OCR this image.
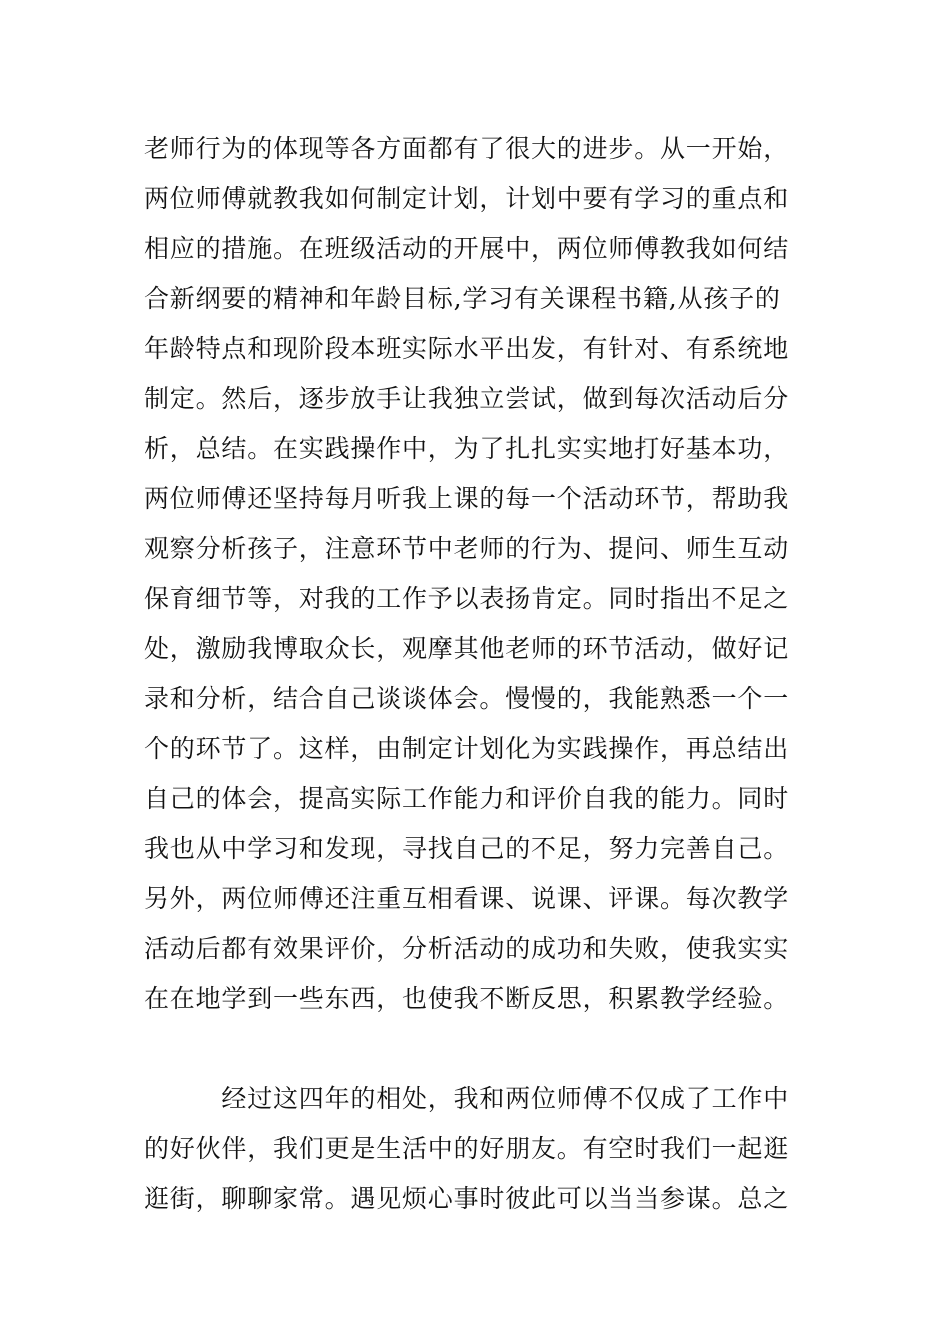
老师行为的体现等各方面都有了很大的进步。从一开始，
两位师傅就教我如何制定计划，计划中要有学习的重点和
相应的措施。在班级活动的开展中，两位师傅教我如何结
合新纲要的精神和年龄目标,学习有关课程书籍,从孩子的
年龄特点和现阶段本班实际水平出发，有针对、有系统地
制定。然后，逐步放手让我独立尝试，做到每次活动后分
析，总结。在实践操作中，为了扎扎实实地打好基本功，
两位师傅还坚持每月听我上课的每一个活动环节，帮助我
观察分析孩子，注意环节中老师的行为、提问、师生互动
保育细节等，对我的工作予以表扬肯定。同时指出不足之
处，激励我博取众长，观摩其他老师的环节活动，做好记
录和分析，结合自己谈谈体会。慢慢的，我能熟悉一个一
个的环节了。这样，由制定计划化为实践操作，再总结出
自己的体会，提高实际工作能力和评价自我的能力。同时
我也从中学习和发现，寻找自己的不足，努力完善自己。
另外，两位师傅还注重互相看课、说课、评课。每次教学
活动后都有效果评价，分析活动的成功和失败，使我实实
在在地学到一些东西，也使我不断反思，积累教学经验。
　　　经过这四年的相处，我和两位师傅不仅成了工作中
的好伙伴，我们更是生活中的好朋友。有空时我们一起逛
逛街，聊聊家常。遇见烦心事时彼此可以当当参谋。总之
